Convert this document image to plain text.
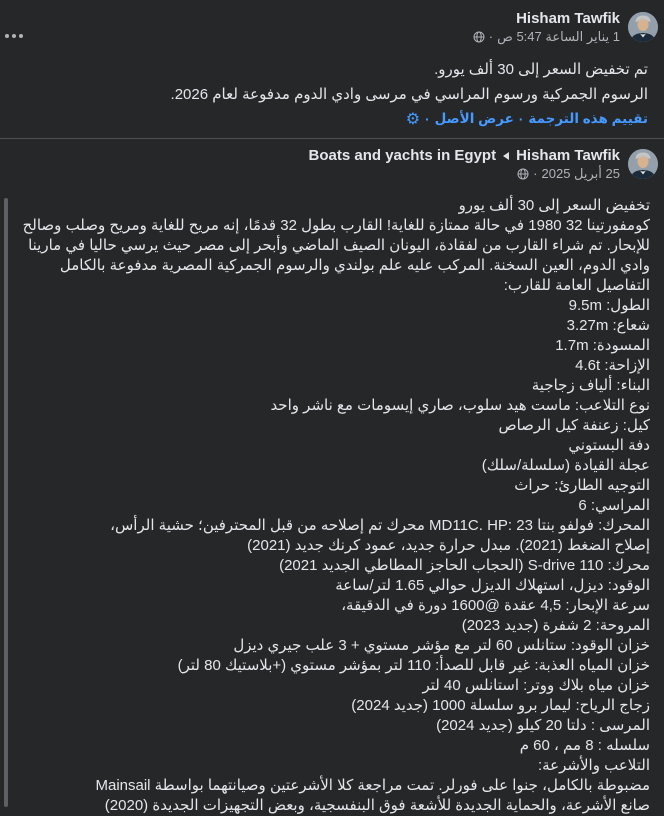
Hisham Tawfik
1 يناير الساعة 5:47 ص
·
تم تخفيض السعر إلى 30 ألف يورو.
الرسوم الجمركية ورسوم المراسي في مرسى وادي الدوم مدفوعة لعام 2026.
تقييم هذه الترجمة
·
عرض الأصل
·
⚙
Hisham Tawfik
Boats and yachts in Egypt
25 أبريل 2025
·
تخفيض السعر إلى 30 ألف يورو
كومفورتينا 32 1980 في حالة ممتازة للغاية! القارب بطول 32 قدمًا، إنه مريح للغاية ومريح وصلب وصالح
للإبحار. تم شراء القارب من لفقادة، اليونان الصيف الماضي وأبحر إلى مصر حيث يرسي حاليا في مارينا
وادي الدوم، العين السخنة. المركب عليه علم بولندي والرسوم الجمركية المصرية مدفوعة بالكامل
التفاصيل العامة للقارب:
الطول: 9.5m
شعاع: 3.27m
المسودة: 1.7m
الإزاحة: 4.6t
البناء: ألياف زجاجية
نوع التلاعب: ماست هيد سلوب، صاري إيسومات مع ناشر واحد
كيل: زعنفة كيل الرصاص
دفة البستوني
عجلة القيادة (سلسلة/سلك)
التوجيه الطارئ: حراث
المراسي: 6
المحرك: فولفو بنتا MD11C. HP: 23 محرك تم إصلاحه من قبل المحترفين؛ حشية الرأس،
إصلاح الضغط (2021). مبدل حرارة جديد، عمود كرنك جديد (2021)
محرك: S-drive 110 (الحجاب الحاجز المطاطي الجديد 2021)
الوقود: ديزل، استهلاك الديزل حوالي 1.65 لتر/ساعة
سرعة الإبحار: 4,5 عقدة @1600 دورة في الدقيقة،
المروحة: 2 شفرة (جديد 2023)
خزان الوقود: ستانلس 60 لتر مع مؤشر مستوي + 3 علب جيري ديزل
خزان المياه العذبة: غير قابل للصدأ: 110 لتر بمؤشر مستوي (+بلاستيك 80 لتر)
خزان مياه بلاك ووتر: استانلس 40 لتر
زجاج الرياح: ليمار برو سلسلة 1000 (جديد 2024)
المرسى : دلتا 20 كيلو (جديد 2024)
سلسله : 8 مم ، 60 م
التلاعب والأشرعة:
مضبوطة بالكامل، جنوا على فورلر. تمت مراجعة كلا الأشرعتين وصيانتهما بواسطة Mainsail
صانع الأشرعة، والحماية الجديدة للأشعة فوق البنفسجية، وبعض التجهيزات الجديدة (2020)
